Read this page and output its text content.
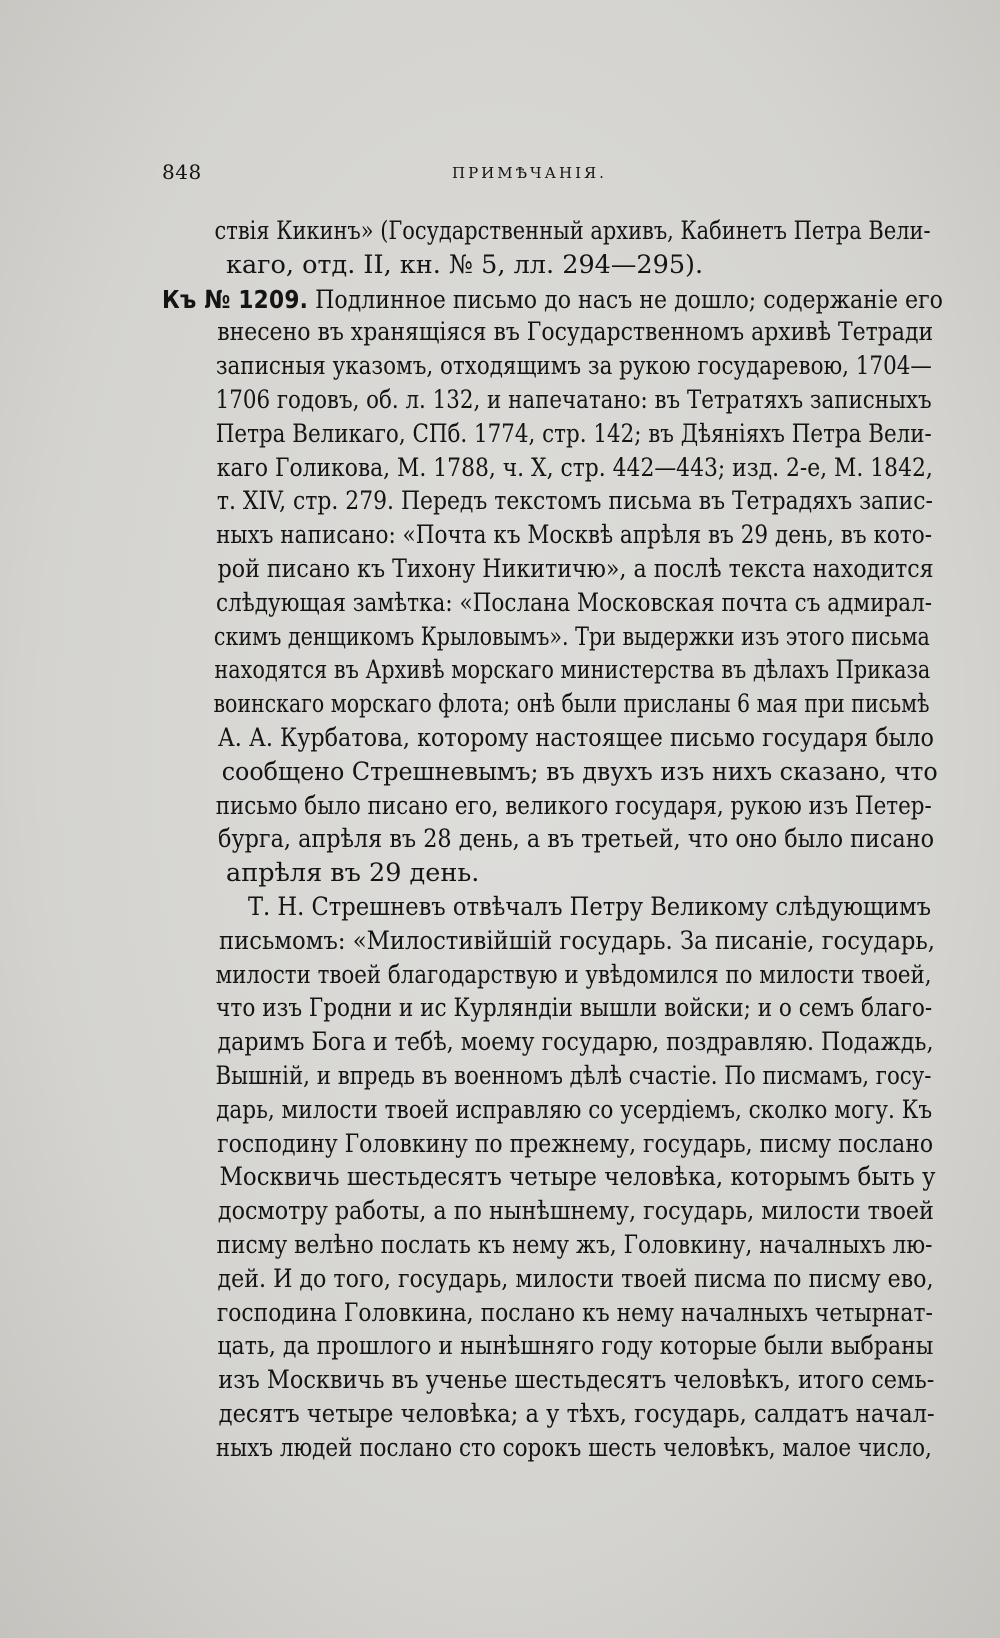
848	ПРИМѢЧАНІЯ.
ствія Кикинъ» (Государственный архивъ, Кабинетъ Петра Вели-
каго, отд. II, кн. № 5, лл. 294—295).
Къ № 1209. Подлинное письмо до насъ не дошло; содержаніе его
внесено въ хранящіяся въ Государственномъ архивѣ Тетради
записныя указомъ, отходящимъ за рукою государевою, 1704—
1706 годовъ, об. л. 132, и напечатано: въ Тетратяхъ записныхъ
Петра Великаго, СПб. 1774, стр. 142; въ Дѣяніяхъ Петра Вели-
каго Голикова, М. 1788, ч. X, стр. 442—443; изд. 2-е, М. 1842,
т. XIV, стр. 279. Передъ текстомъ письма въ Тетрадяхъ запис-
ныхъ написано: «Почта къ Москвѣ апрѣля въ 29 день, въ кото-
рой писано къ Тихону Никитичю», а послѣ текста находится
слѣдующая замѣтка: «Послана Московская почта съ адмирал-
скимъ денщикомъ Крыловымъ». Три выдержки изъ этого письма
находятся въ Архивѣ морскаго министерства въ дѣлахъ Приказа
воинскаго морскаго флота; онѣ были присланы 6 мая при письмѣ
А. А. Курбатова, которому настоящее письмо государя было
сообщено Стрешневымъ; въ двухъ изъ нихъ сказано, что
письмо было писано его, великого государя, рукою изъ Петер-
бурга, апрѣля въ 28 день, а въ третьей, что оно было писано
апрѣля въ 29 день.
Т. Н. Стрешневъ отвѣчалъ Петру Великому слѣдующимъ
письмомъ: «Милостивійшій государь. За писаніе, государь,
милости твоей благодарствую и увѣдомился по милости твоей,
что изъ Гродни и ис Курляндіи вышли войски; и о семъ благо-
даримъ Бога и тебѣ, моему государю, поздравляю. Подаждь,
Вышній, и впредь въ военномъ дѣлѣ счастіе. По писмамъ, госу-
дарь, милости твоей исправляю со усердіемъ, сколко могу. Къ
господину Головкину по прежнему, государь, писму послано
Москвичь шестьдесятъ четыре человѣка, которымъ быть у
досмотру работы, а по нынѣшнему, государь, милости твоей
писму велѣно послать къ нему жъ, Головкину, началныхъ лю-
дей. И до того, государь, милости твоей писма по писму ево,
господина Головкина, послано къ нему началныхъ четырнат-
цать, да прошлого и нынѣшняго году которые были выбраны
изъ Москвичь въ ученье шестьдесятъ человѣкъ, итого семь-
десятъ четыре человѣка; а у тѣхъ, государь, салдатъ начал-
ныхъ людей послано сто сорокъ шесть человѣкъ, малое число,
